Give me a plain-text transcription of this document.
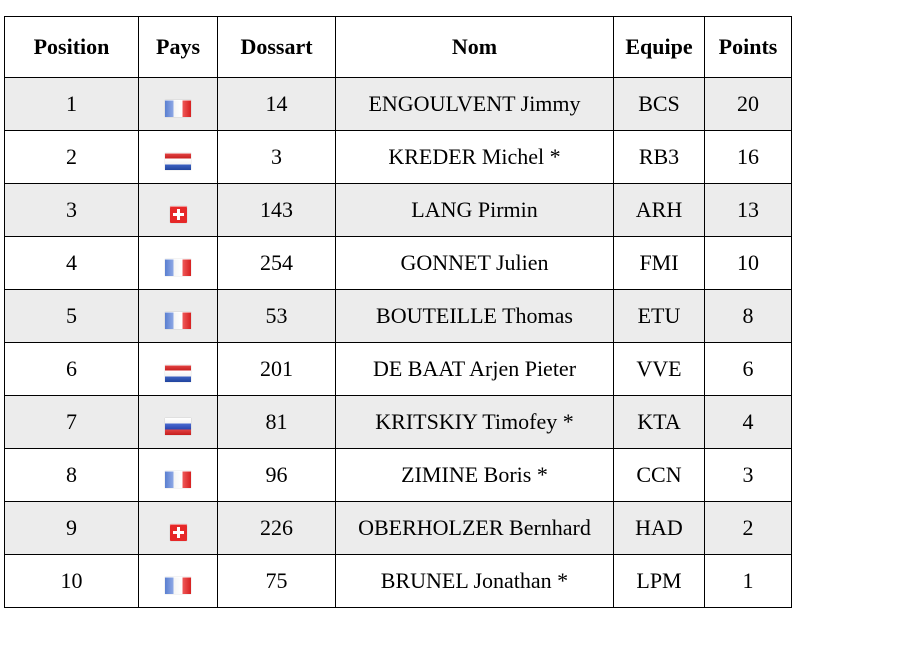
Position	Pays	Dossart	Nom	Equipe	Points
1		14	ENGOULVENT Jimmy	BCS	20
2		3	KREDER Michel *	RB3	16
3		143	LANG Pirmin	ARH	13
4		254	GONNET Julien	FMI	10
5		53	BOUTEILLE Thomas	ETU	8
6		201	DE BAAT Arjen Pieter	VVE	6
7		81	KRITSKIY Timofey *	KTA	4
8		96	ZIMINE Boris *	CCN	3
9		226	OBERHOLZER Bernhard	HAD	2
10		75	BRUNEL Jonathan *	LPM	1
